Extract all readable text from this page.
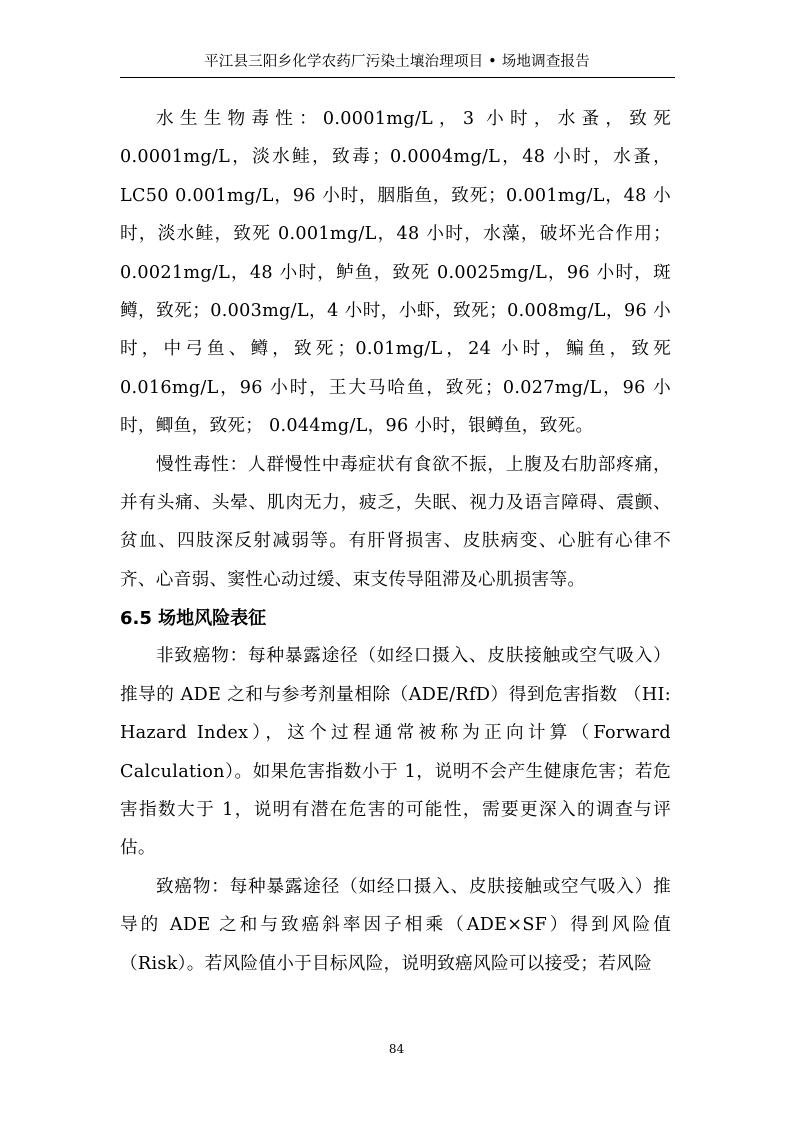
平江县三阳乡化学农药厂污染土壤治理项目 • 场地调查报告

水生生物毒性：0.0001mg/L，3 小时，水蚤，致死 0.0001mg/L，淡水鲑，致毒；0.0004mg/L，48 小时，水蚤，LC50 0.001mg/L，96 小时，胭脂鱼，致死；0.001mg/L，48 小时，淡水鲑，致死 0.001mg/L，48 小时，水藻，破坏光合作用；0.0021mg/L，48 小时，鲈鱼，致死 0.0025mg/L，96 小时，斑鳟，致死；0.003mg/L，4 小时，小虾，致死；0.008mg/L，96 小时，中弓鱼、鳟，致死；0.01mg/L，24 小时，鳊鱼，致死 0.016mg/L，96 小时，王大马哈鱼，致死；0.027mg/L，96 小时，鲫鱼，致死； 0.044mg/L，96 小时，银鳟鱼，致死。

慢性毒性：人群慢性中毒症状有食欲不振，上腹及右肋部疼痛，并有头痛、头晕、肌肉无力，疲乏，失眠、视力及语言障碍、震颤、贫血、四肢深反射减弱等。有肝肾损害、皮肤病变、心脏有心律不齐、心音弱、窦性心动过缓、束支传导阻滞及心肌损害等。

6.5 场地风险表征

非致癌物：每种暴露途径（如经口摄入、皮肤接触或空气吸入）推导的 ADE 之和与参考剂量相除（ADE/RfD）得到危害指数 （HI: Hazard Index），这个过程通常被称为正向计算（Forward Calculation）。如果危害指数小于 1，说明不会产生健康危害；若危害指数大于 1，说明有潜在危害的可能性，需要更深入的调查与评估。

致癌物：每种暴露途径（如经口摄入、皮肤接触或空气吸入）推导的 ADE 之和与致癌斜率因子相乘（ADE×SF）得到风险值（Risk）。若风险值小于目标风险，说明致癌风险可以接受；若风险

84
